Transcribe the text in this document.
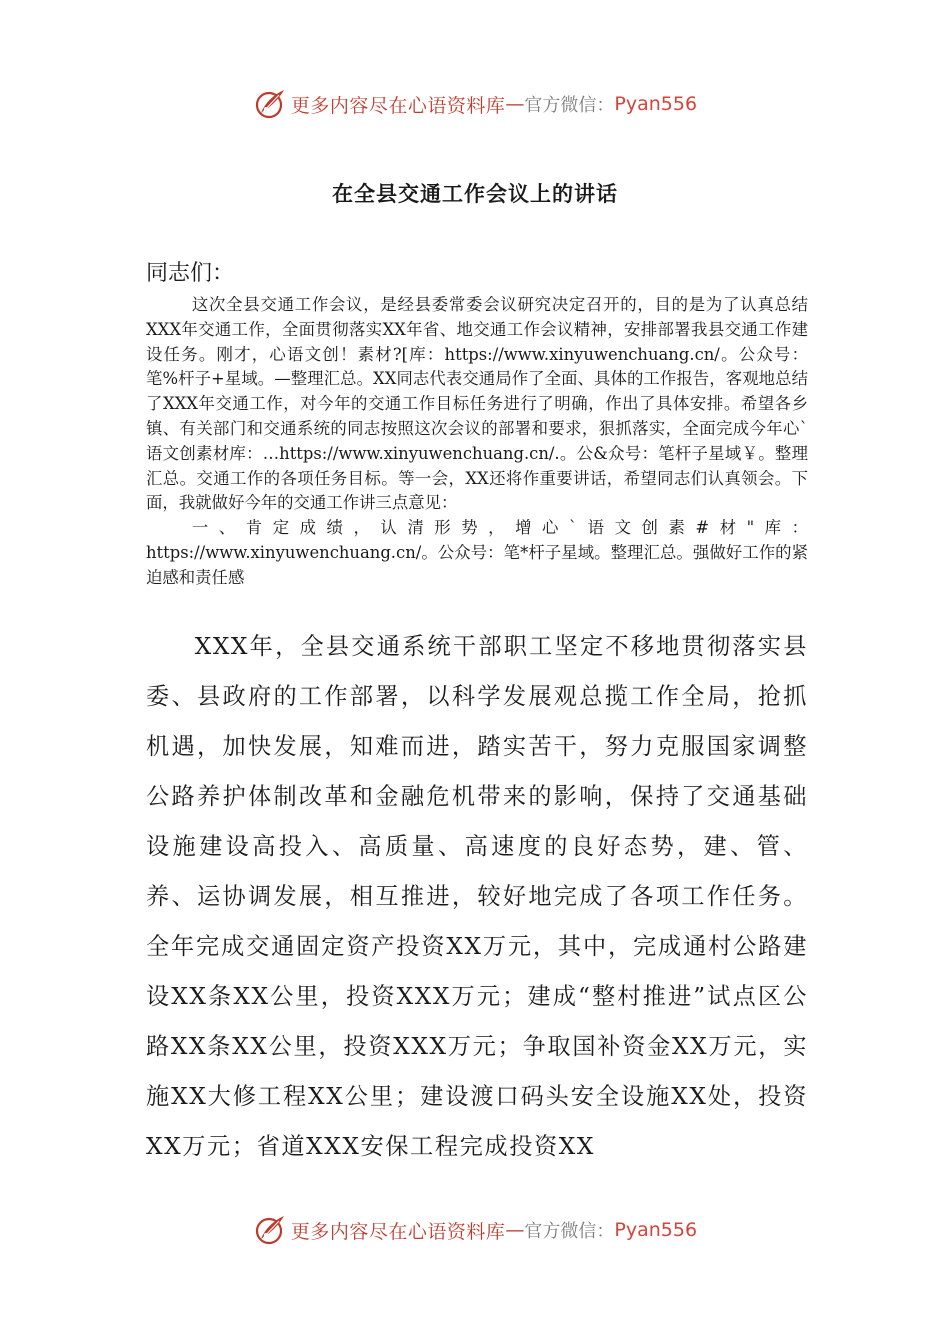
更多内容尽在心语资料库 — 官方微信： Pyan556
在全县交通工作会议上的讲话
同志们：

这次全县交通工作会议，是经县委常委会议研究决定召开的，目的是为了认真总结XXX年交通工作，全面贯彻落实XX年省、地交通工作会议精神，安排部署我县交通工作建设任务。刚才，心语文创！素材?[库：https://www.xinyuwenchuang.cn/。公众号：笔%杆子+星域。—整理汇总。XX同志代表交通局作了全面、具体的工作报告，客观地总结了XXX年交通工作，对今年的交通工作目标任务进行了明确，作出了具体安排。希望各乡镇、有关部门和交通系统的同志按照这次会议的部署和要求，狠抓落实，全面完成今年心`语文创素材库：…https://www.xinyuwenchuang.cn/.。公&众号：笔杆子星域￥。整理汇总。交通工作的各项任务目标。等一会，XX还将作重要讲话，希望同志们认真领会。下面，我就做好今年的交通工作讲三点意见：

一、肯定成绩，认清形势，增心`语文创素#材"库：https://www.xinyuwenchuang.cn/。公众号：笔*杆子星域。整理汇总。强做好工作的紧迫感和责任感

XXX年，全县交通系统干部职工坚定不移地贯彻落实县委、县政府的工作部署，以科学发展观总揽工作全局，抢抓机遇，加快发展，知难而进，踏实苦干，努力克服国家调整公路养护体制改革和金融危机带来的影响，保持了交通基础设施建设高投入、高质量、高速度的良好态势，建、管、养、运协调发展，相互推进，较好地完成了各项工作任务。全年完成交通固定资产投资XX万元，其中，完成通村公路建设XX条XX公里，投资XXX万元；建成“整村推进”试点区公路XX条XX公里，投资XXX万元；争取国补资金XX万元，实施XX大修工程XX公里；建设渡口码头安全设施XX处，投资XX万元；省道XXX安保工程完成投资XX

更多内容尽在心语资料库 — 官方微信： Pyan556
